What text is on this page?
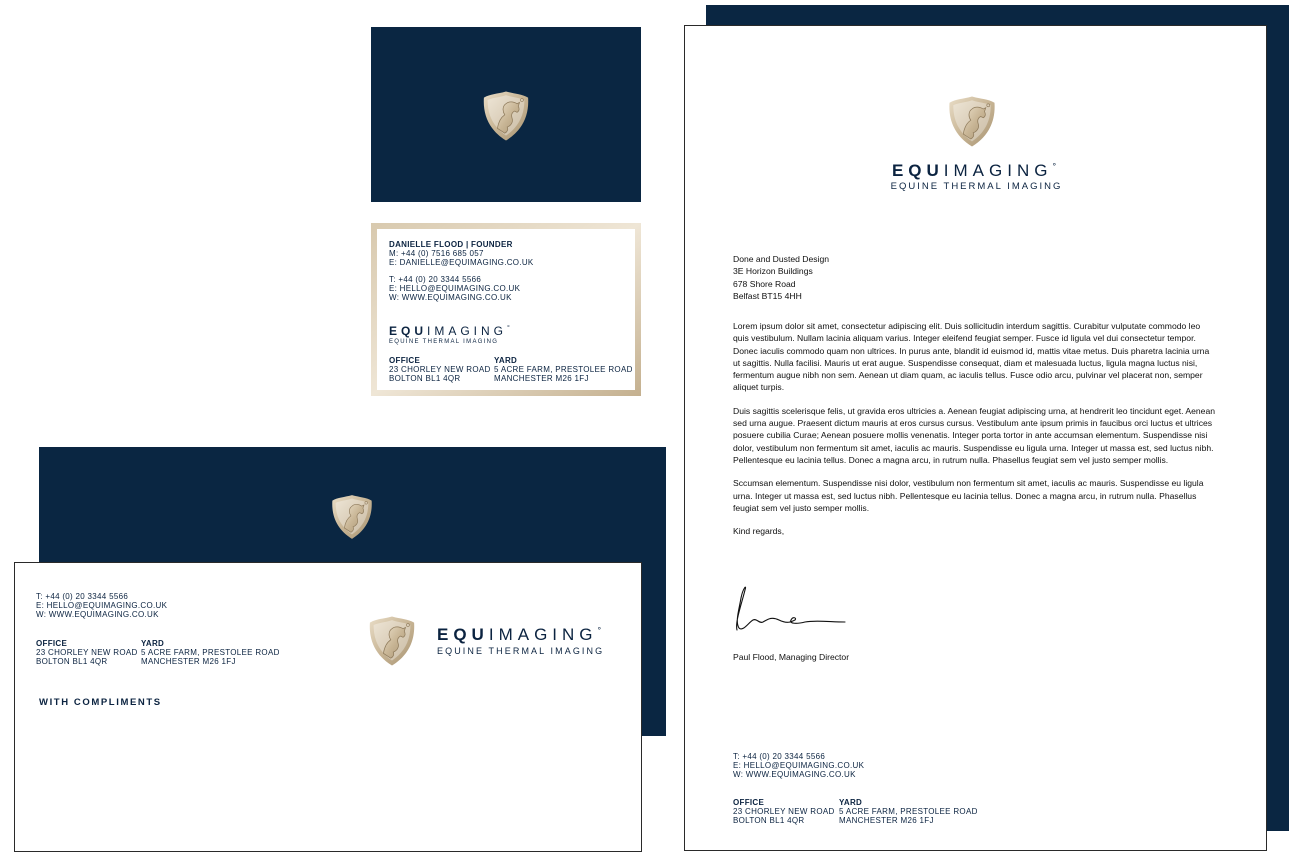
DANIELLE FLOOD | FOUNDER
M: +44 (0) 7516 685 057
E: DANIELLE@EQUIMAGING.CO.UK
T: +44 (0) 20 3344 5566
E: HELLO@EQUIMAGING.CO.UK
W: WWW.EQUIMAGING.CO.UK
EQUIMAGING°
EQUINE THERMAL IMAGING
OFFICE
23 CHORLEY NEW ROAD
BOLTON BL1 4QR
YARD
5 ACRE FARM, PRESTOLEE ROAD
MANCHESTER M26 1FJ
T: +44 (0) 20 3344 5566
E: HELLO@EQUIMAGING.CO.UK
W: WWW.EQUIMAGING.CO.UK
OFFICE
23 CHORLEY NEW ROAD
BOLTON BL1 4QR
YARD
5 ACRE FARM, PRESTOLEE ROAD
MANCHESTER M26 1FJ
WITH COMPLIMENTS
EQUIMAGING°
EQUINE THERMAL IMAGING
EQUIMAGING°
EQUINE THERMAL IMAGING
Done and Dusted Design
3E Horizon Buildings
678 Shore Road
Belfast BT15 4HH

Lorem ipsum dolor sit amet, consectetur adipiscing elit. Duis sollicitudin interdum sagittis. Curabitur vulputate commodo leo quis vestibulum. Nullam lacinia aliquam varius. Integer eleifend feugiat semper. Fusce id ligula vel dui consectetur tempor. Donec iaculis commodo quam non ultrices. In purus ante, blandit id euismod id, mattis vitae metus. Duis pharetra lacinia urna ut sagittis. Nulla facilisi. Mauris ut erat augue. Suspendisse consequat, diam et malesuada luctus, ligula magna luctus nisi, fermentum augue nibh non sem. Aenean ut diam quam, ac iaculis tellus. Fusce odio arcu, pulvinar vel placerat non, semper aliquet turpis.

Duis sagittis scelerisque felis, ut gravida eros ultricies a. Aenean feugiat adipiscing urna, at hendrerit leo tincidunt eget. Aenean sed urna augue. Praesent dictum mauris at eros cursus cursus. Vestibulum ante ipsum primis in faucibus orci luctus et ultrices posuere cubilia Curae; Aenean posuere mollis venenatis. Integer porta tortor in ante accumsan elementum. Suspendisse nisi dolor, vestibulum non fermentum sit amet, iaculis ac mauris. Suspendisse eu ligula urna. Integer ut massa est, sed luctus nibh. Pellentesque eu lacinia tellus. Donec a magna arcu, in rutrum nulla. Phasellus feugiat sem vel justo semper mollis.

Sccumsan elementum. Suspendisse nisi dolor, vestibulum non fermentum sit amet, iaculis ac mauris. Suspendisse eu ligula urna. Integer ut massa est, sed luctus nibh. Pellentesque eu lacinia tellus. Donec a magna arcu, in rutrum nulla. Phasellus feugiat sem vel justo semper mollis.

Kind regards,

Paul Flood, Managing Director
T: +44 (0) 20 3344 5566
E: HELLO@EQUIMAGING.CO.UK
W: WWW.EQUIMAGING.CO.UK
OFFICE
23 CHORLEY NEW ROAD
BOLTON BL1 4QR
YARD
5 ACRE FARM, PRESTOLEE ROAD
MANCHESTER M26 1FJ
